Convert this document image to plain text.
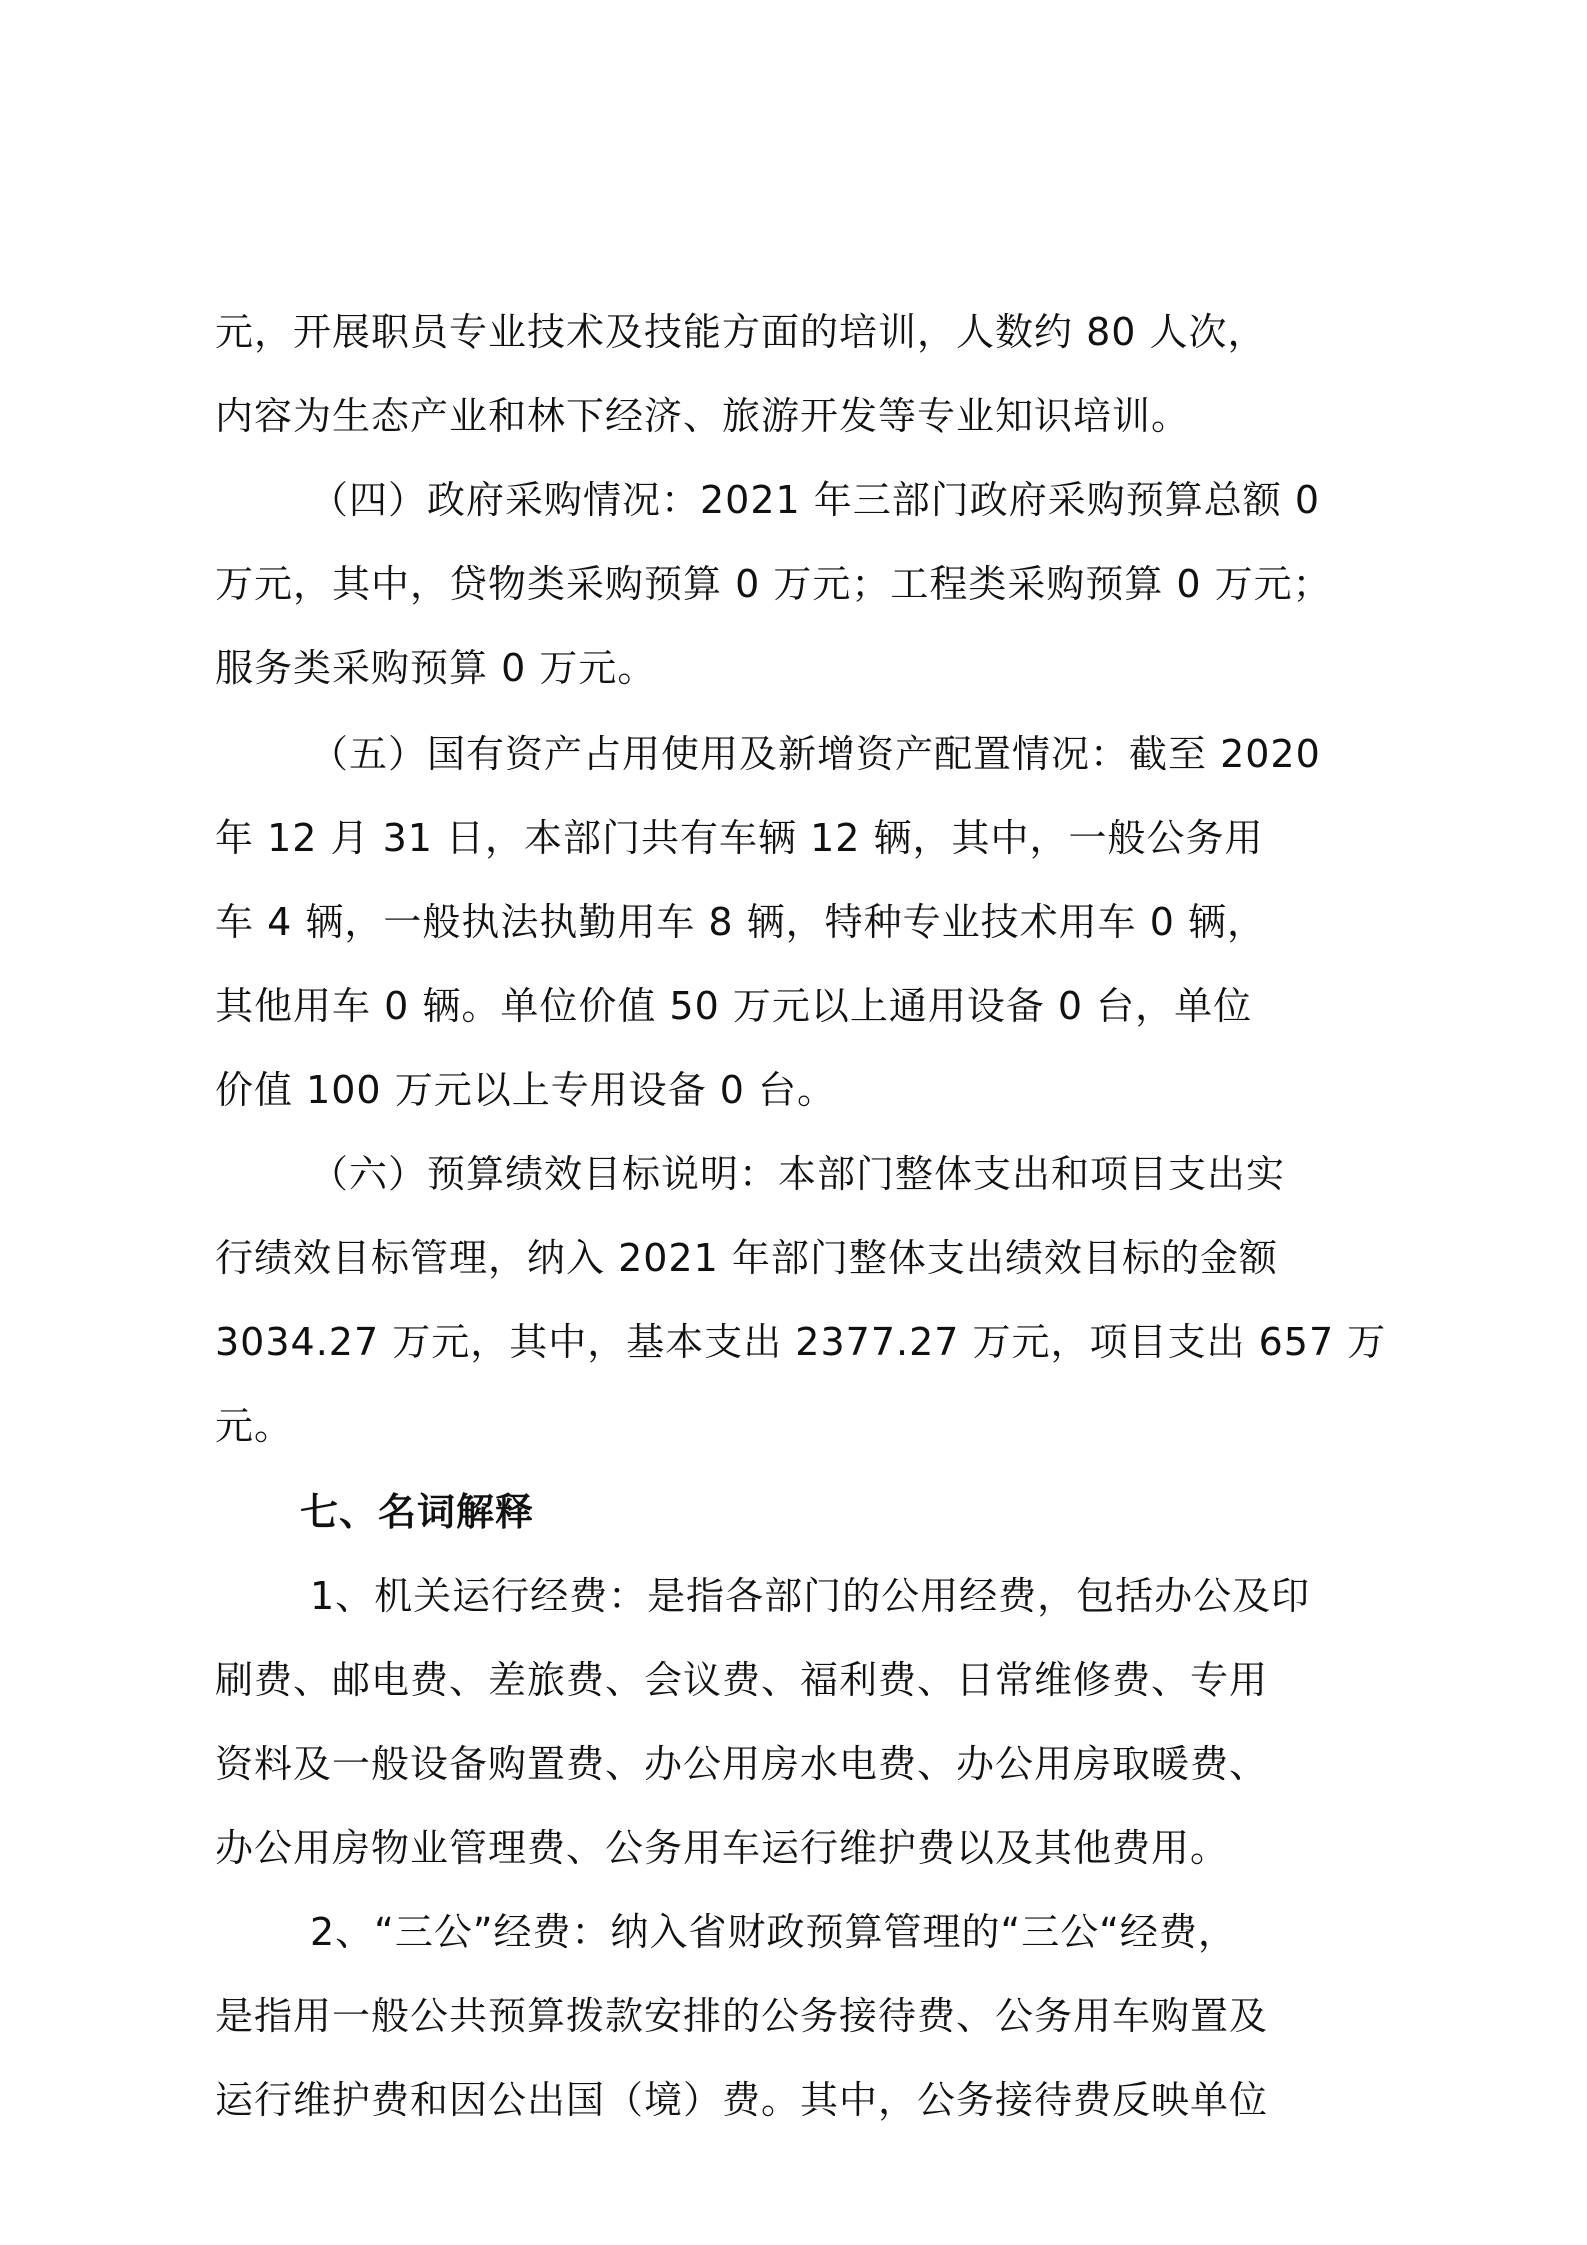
元，开展职员专业技术及技能方面的培训，人数约 80 人次，
内容为生态产业和林下经济、旅游开发等专业知识培训。
（四）政府采购情况：2021 年三部门政府采购预算总额 0
万元，其中，贷物类采购预算 0 万元；工程类采购预算 0 万元；
服务类采购预算 0 万元。
（五）国有资产占用使用及新增资产配置情况：截至 2020
年 12 月 31 日，本部门共有车辆 12 辆，其中，一般公务用
车 4 辆，一般执法执勤用车 8 辆，特种专业技术用车 0 辆，
其他用车 0 辆。单位价值 50 万元以上通用设备 0 台，单位
价值 100 万元以上专用设备 0 台。
（六）预算绩效目标说明：本部门整体支出和项目支出实
行绩效目标管理，纳入 2021 年部门整体支出绩效目标的金额
3034.27 万元，其中，基本支出 2377.27 万元，项目支出 657 万
元。
七、名词解释
1、机关运行经费：是指各部门的公用经费，包括办公及印
刷费、邮电费、差旅费、会议费、福利费、日常维修费、专用
资料及一般设备购置费、办公用房水电费、办公用房取暖费、
办公用房物业管理费、公务用车运行维护费以及其他费用。
2、“三公”经费：纳入省财政预算管理的“三公“经费，
是指用一般公共预算拨款安排的公务接待费、公务用车购置及
运行维护费和因公出国（境）费。其中，公务接待费反映单位
